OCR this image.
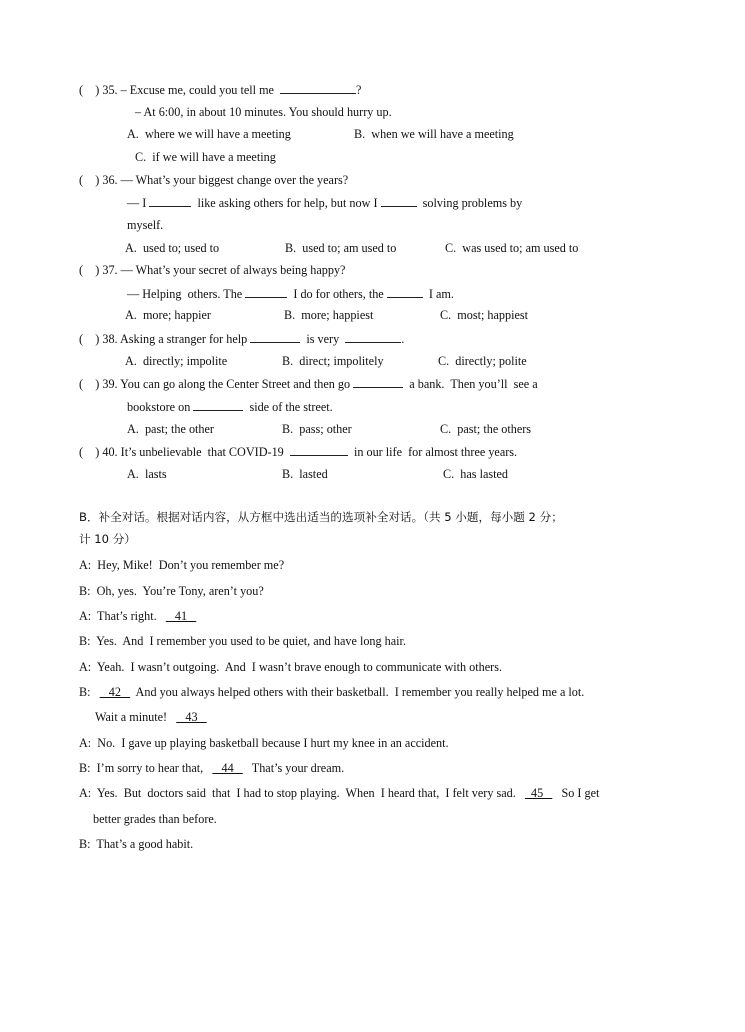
(    ) 35. – Excuse me, could you tell me	?
– At 6:00, in about 10 minutes. You should hurry up.
A.  where we will have a meeting	B.  when we will have a meeting
C.  if we will have a meeting
(    ) 36. — What’s your biggest change over the years?
— I	like asking others for help, but now I	solving problems by
myself.
A.  used to; used to	B.  used to; am used to	C.  was used to; am used to
(    ) 37. — What’s your secret of always being happy?
— Helping  others. The	I do for others, the	I am.
A.  more; happier	B.  more; happiest	C.  most; happiest
(    ) 38. Asking a stranger for help	is very	.
A.  directly; impolite	B.  direct; impolitely	C.  directly; polite
(    ) 39. You can go along the Center Street and then go	a bank.  Then you’ll  see a
bookstore on	side of the street.
A.  past; the other	B.  pass; other	C.  past; the others
(    ) 40. It’s unbelievable  that COVID-19	in our life  for almost three years.
A.  lasts	B.  lasted	C.  has lasted
B．补全对话。根据对话内容，从方框中选出适当的选项补全对话。（共 5 小题，每小题 2 分；
计 10 分）
A:  Hey, Mike!  Don’t you remember me?
B:  Oh, yes.  You’re Tony, aren’t you?
A:  That’s right.      41
B:  Yes.  And  I remember you used to be quiet, and have long hair.
A:  Yeah.  I wasn’t outgoing.  And  I wasn’t brave enough to communicate with others.
B:      42     And you always helped others with their basketball.  I remember you really helped me a lot.
Wait a minute!      43
A:  No.  I gave up playing basketball because I hurt my knee in an accident.
B:  I’m sorry to hear that,      44      That’s your dream.
A:  Yes.  But  doctors said  that  I had to stop playing.  When  I heard that,  I felt very sad.     45      So I get
better grades than before.
B:  That’s a good habit.
